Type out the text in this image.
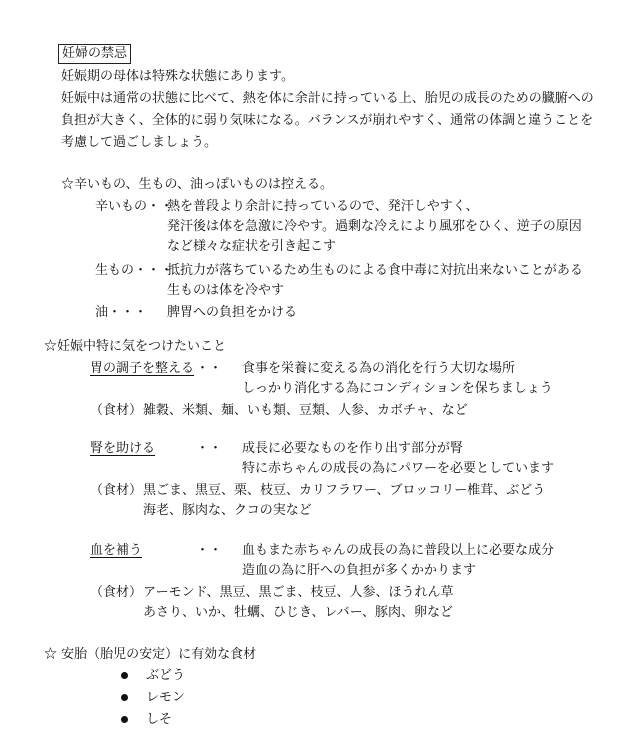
妊婦の禁忌
妊娠期の母体は特殊な状態にあります。
妊娠中は通常の状態に比べて、熱を体に余計に持っている上、胎児の成長のための臓腑への
負担が大きく、全体的に弱り気味になる。バランスが崩れやすく、通常の体調と違うことを
考慮して過ごしましょう。
☆辛いもの、生もの、油っぽいものは控える。
辛いもの・・
熱を普段より余計に持っているので、発汗しやすく、
発汗後は体を急激に冷やす。過剰な冷えにより風邪をひく、逆子の原因
など様々な症状を引き起こす
生もの・・・
抵抗力が落ちているため生ものによる食中毒に対抗出来ないことがある
生ものは体を冷やす
油・・・ 脾胃への負担をかける
☆妊娠中特に気をつけたいこと
胃の調子を整える ・・ 食事を栄養に変える為の消化を行う大切な場所
しっかり消化する為にコンディションを保ちましょう
（食材） 雑穀、米類、麺、いも類、豆類、人参、カボチャ、など
腎を助ける	・・ 成長に必要なものを作り出す部分が腎
特に赤ちゃんの成長の為にパワーを必要としています
（食材） 黒ごま、黒豆、栗、枝豆、カリフラワー、ブロッコリー椎茸、ぶどう
海老、豚肉な、クコの実など
血を補う	・・ 血もまた赤ちゃんの成長の為に普段以上に必要な成分
造血の為に肝への負担が多くかかります
（食材） アーモンド、黒豆、黒ごま、枝豆、人参、ほうれん草
あさり、いか、牡蠣、ひじき、レバー、豚肉、卵など
☆ 安胎（胎児の安定）に有効な食材
ぶどう
レモン
しそ
